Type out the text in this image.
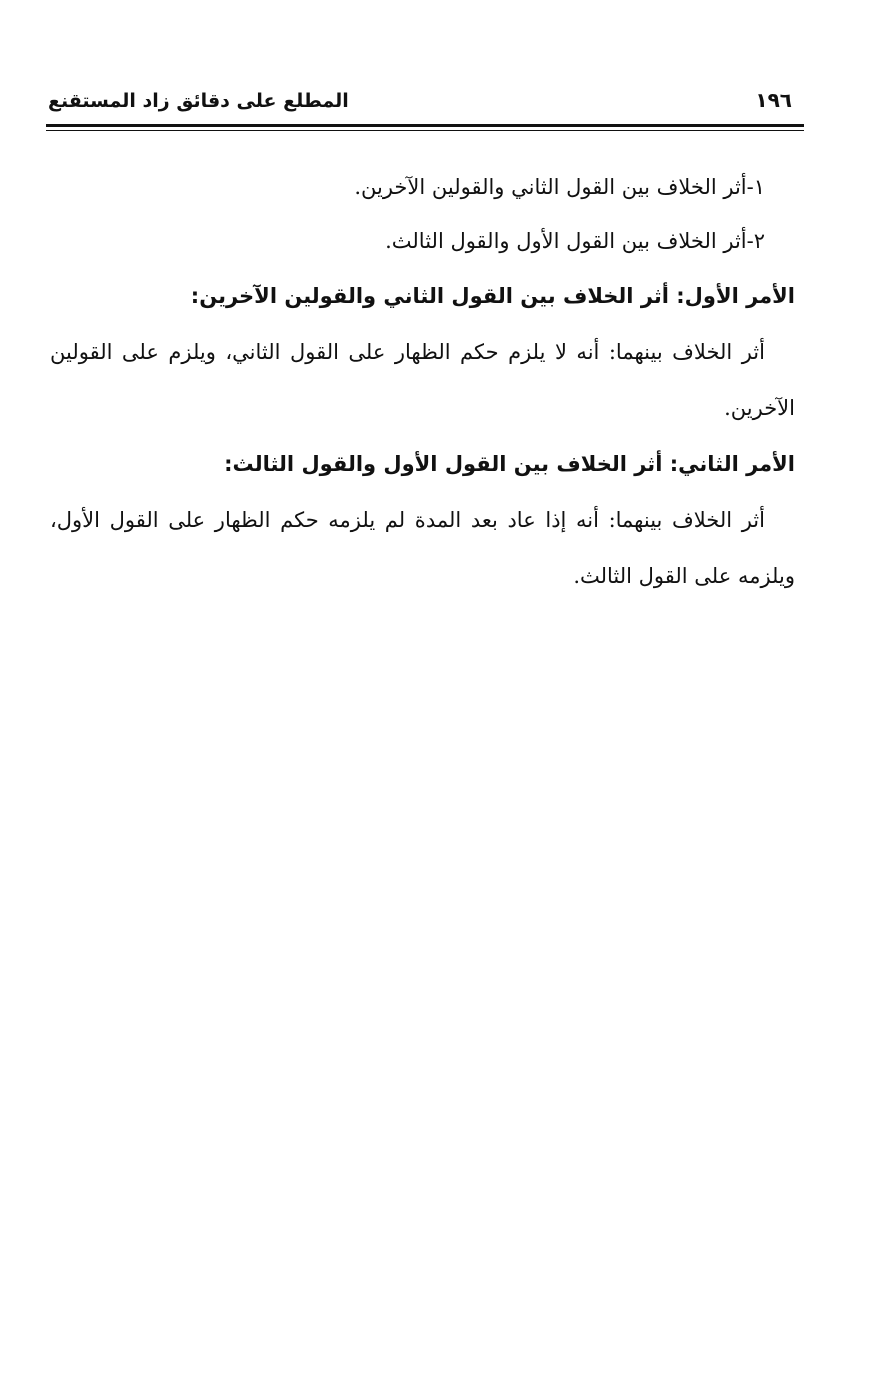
١٩٦
المطلع على دقائق زاد المستقنع

١-أثر الخلاف بين القول الثاني والقولين الآخرين.

٢-أثر الخلاف بين القول الأول والقول الثالث.

الأمر الأول: أثر الخلاف بين القول الثاني والقولين الآخرين:

أثر الخلاف بينهما: أنه لا يلزم حكم الظهار على القول الثاني، ويلزم على القولين الآخرين.

الأمر الثاني: أثر الخلاف بين القول الأول والقول الثالث:

أثر الخلاف بينهما: أنه إذا عاد بعد المدة لم يلزمه حكم الظهار على القول الأول، ويلزمه على القول الثالث.
